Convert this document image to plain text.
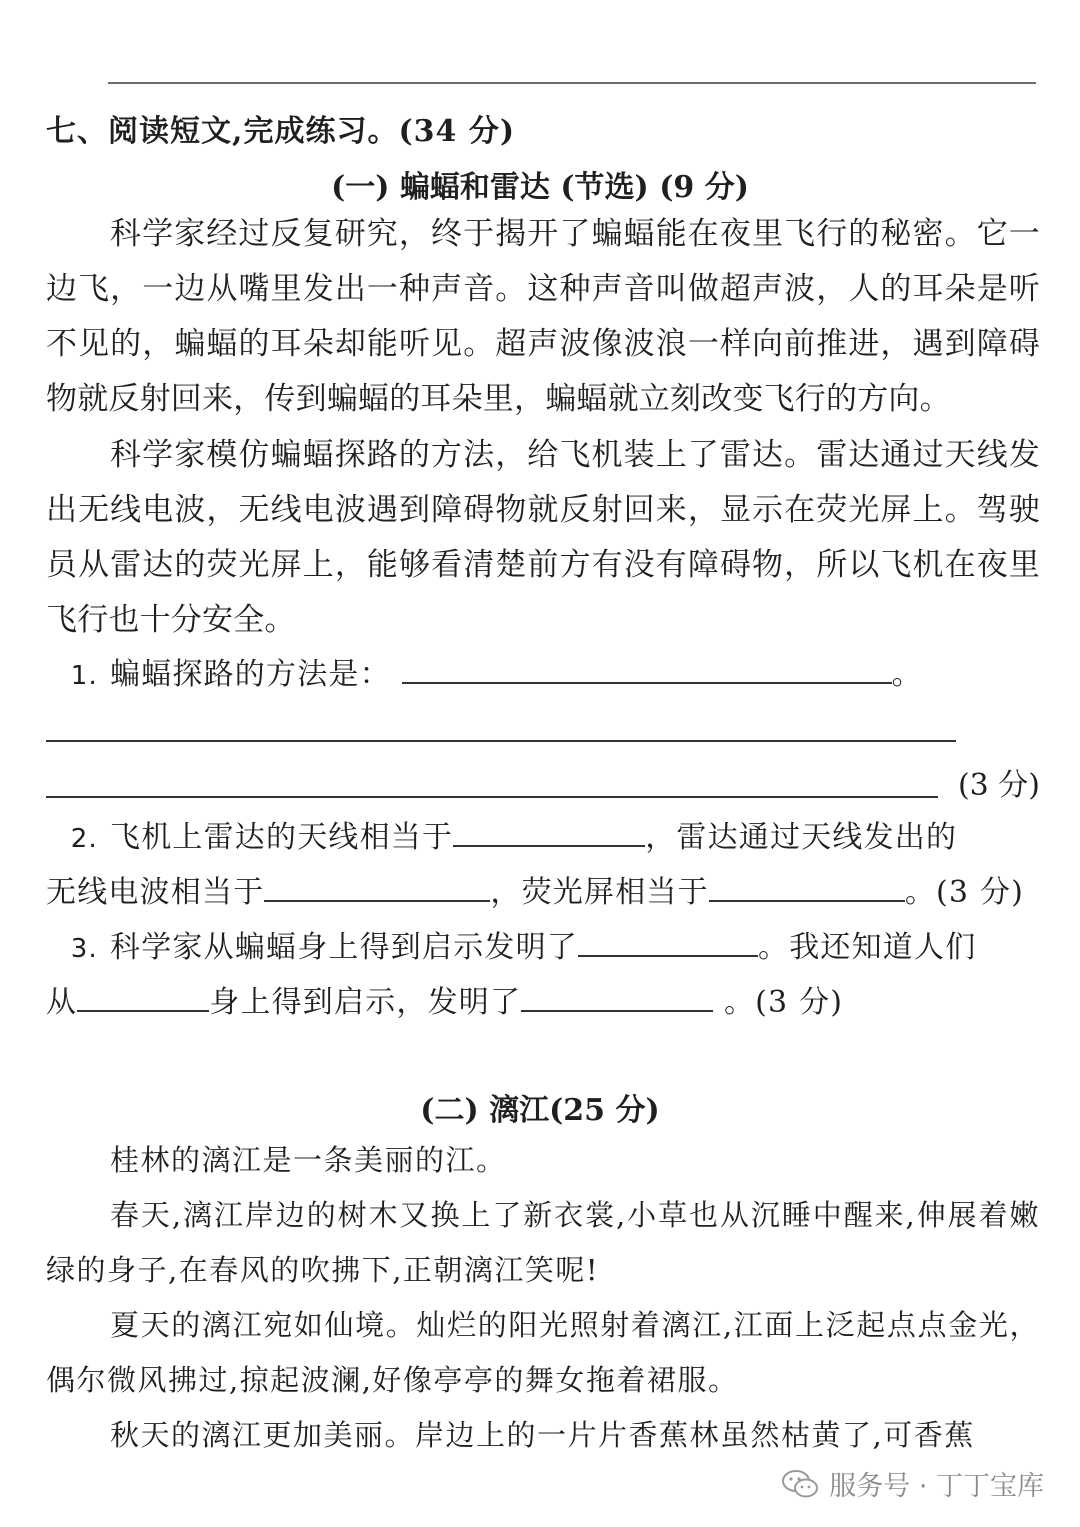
七、阅读短文,完成练习。(34 分)
(一) 蝙蝠和雷达 (节选) (9 分)

科学家经过反复研究，终于揭开了蝙蝠能在夜里飞行的秘密。它一边飞，一边从嘴里发出一种声音。这种声音叫做超声波，人的耳朵是听不见的，蝙蝠的耳朵却能听见。超声波像波浪一样向前推进，遇到障碍物就反射回来，传到蝙蝠的耳朵里，蝙蝠就立刻改变飞行的方向。

科学家模仿蝙蝠探路的方法，给飞机装上了雷达。雷达通过天线发出无线电波，无线电波遇到障碍物就反射回来，显示在荧光屏上。驾驶员从雷达的荧光屏上，能够看清楚前方有没有障碍物，所以飞机在夜里飞行也十分安全。

1. 蝙蝠探路的方法是：	。
(3 分)
2. 飞机上雷达的天线相当于	，雷达通过天线发出的
无线电波相当于	，荧光屏相当于	。(3 分)
3. 科学家从蝙蝠身上得到启示发明了	。我还知道人们
从	身上得到启示，发明了	。(3 分)
(二) 漓江(25 分)

桂林的漓江是一条美丽的江。

春天,漓江岸边的树木又换上了新衣裳,小草也从沉睡中醒来,伸展着嫩绿的身子,在春风的吹拂下,正朝漓江笑呢!

夏天的漓江宛如仙境。灿烂的阳光照射着漓江,江面上泛起点点金光，偶尔微风拂过,掠起波澜,好像亭亭的舞女拖着裙服。

秋天的漓江更加美丽。岸边上的一片片香蕉林虽然枯黄了,可香蕉

服务号 · 丁丁宝库
